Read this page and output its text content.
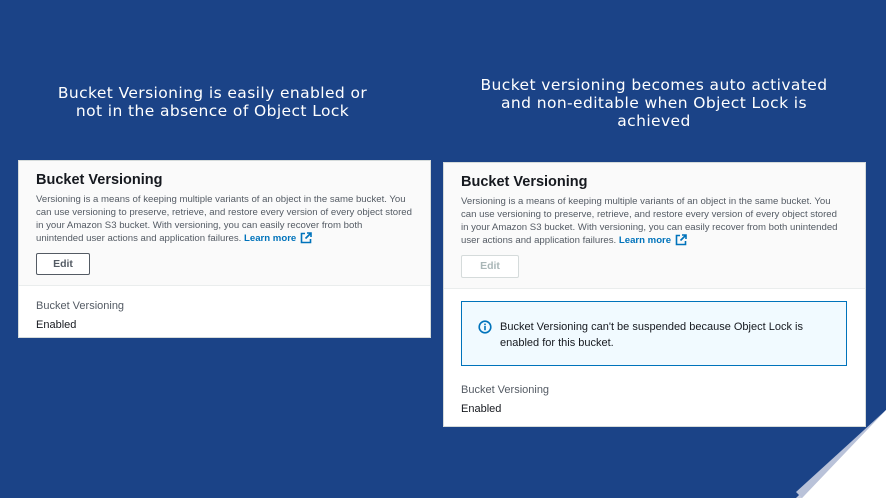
Bucket Versioning is easily enabled or
not in the absence of Object Lock
Bucket versioning becomes auto activated
and non-editable when Object Lock is
achieved
Bucket Versioning

Versioning is a means of keeping multiple variants of an object in the same bucket. You can use versioning to preserve, retrieve, and restore every version of every object stored in your Amazon S3 bucket. With versioning, you can easily recover from both unintended user actions and application failures. Learn more

Edit

Bucket Versioning

Enabled

Bucket Versioning

Versioning is a means of keeping multiple variants of an object in the same bucket. You can use versioning to preserve, retrieve, and restore every version of every object stored in your Amazon S3 bucket. With versioning, you can easily recover from both unintended user actions and application failures. Learn more

Edit
Bucket Versioning can't be suspended because Object Lock is enabled for this bucket.

Bucket Versioning

Enabled
